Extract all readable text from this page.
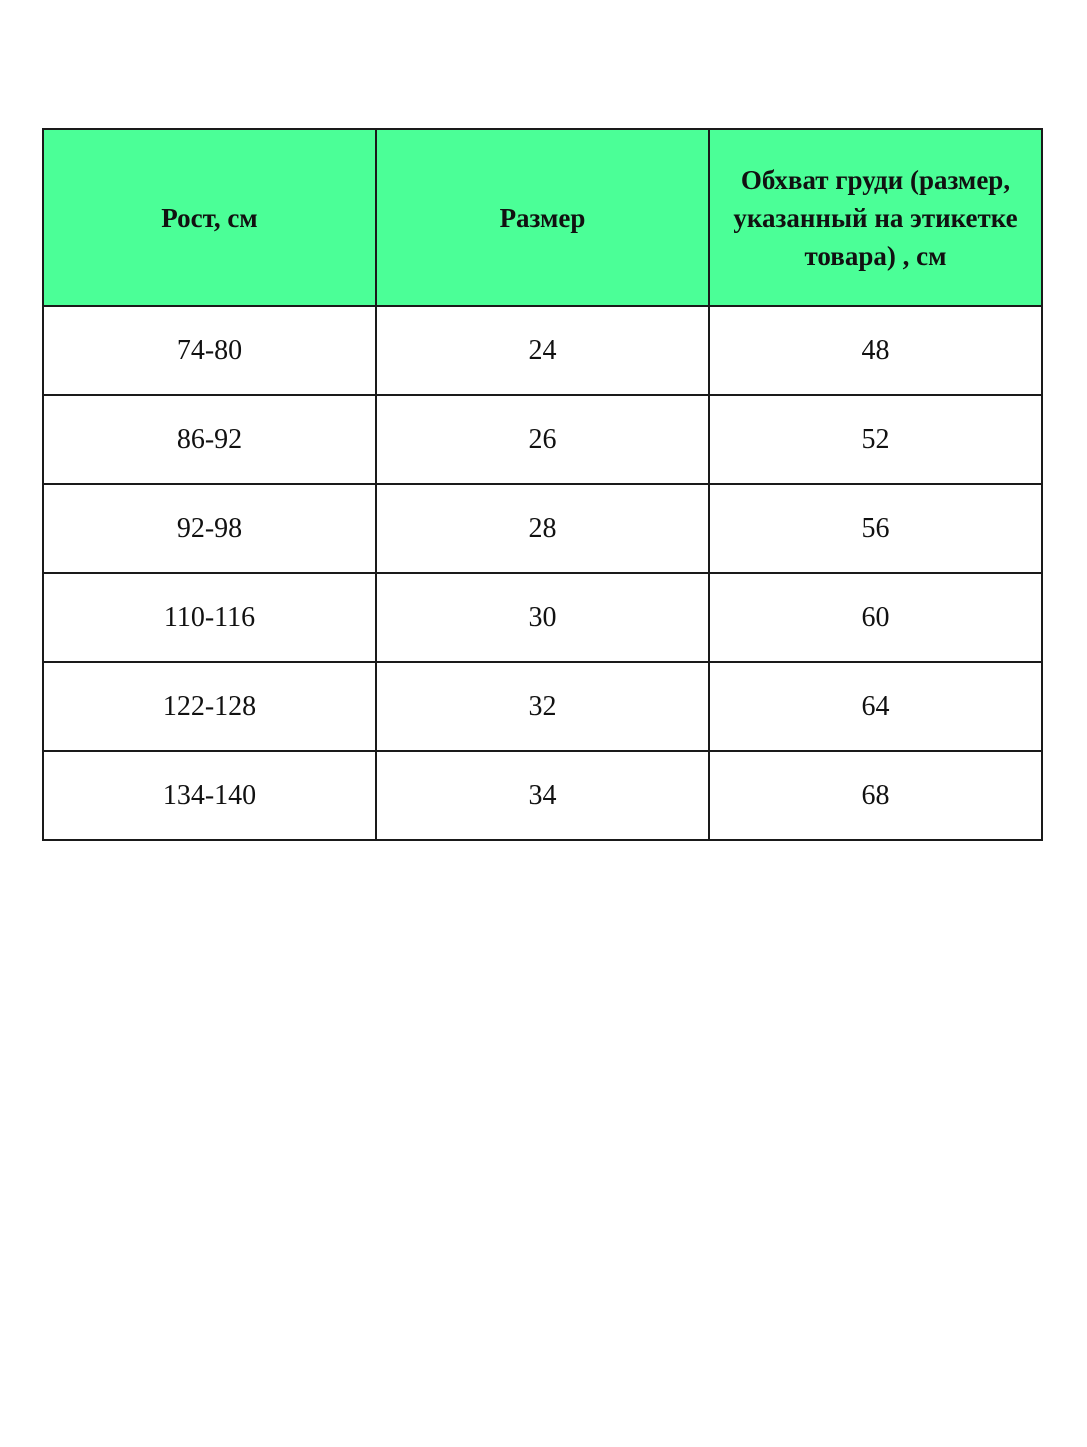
Рост, см	Размер	Обхват груди (размер, указанный на этикетке товара) , см
74-80	24	48
86-92	26	52
92-98	28	56
110-116	30	60
122-128	32	64
134-140	34	68
